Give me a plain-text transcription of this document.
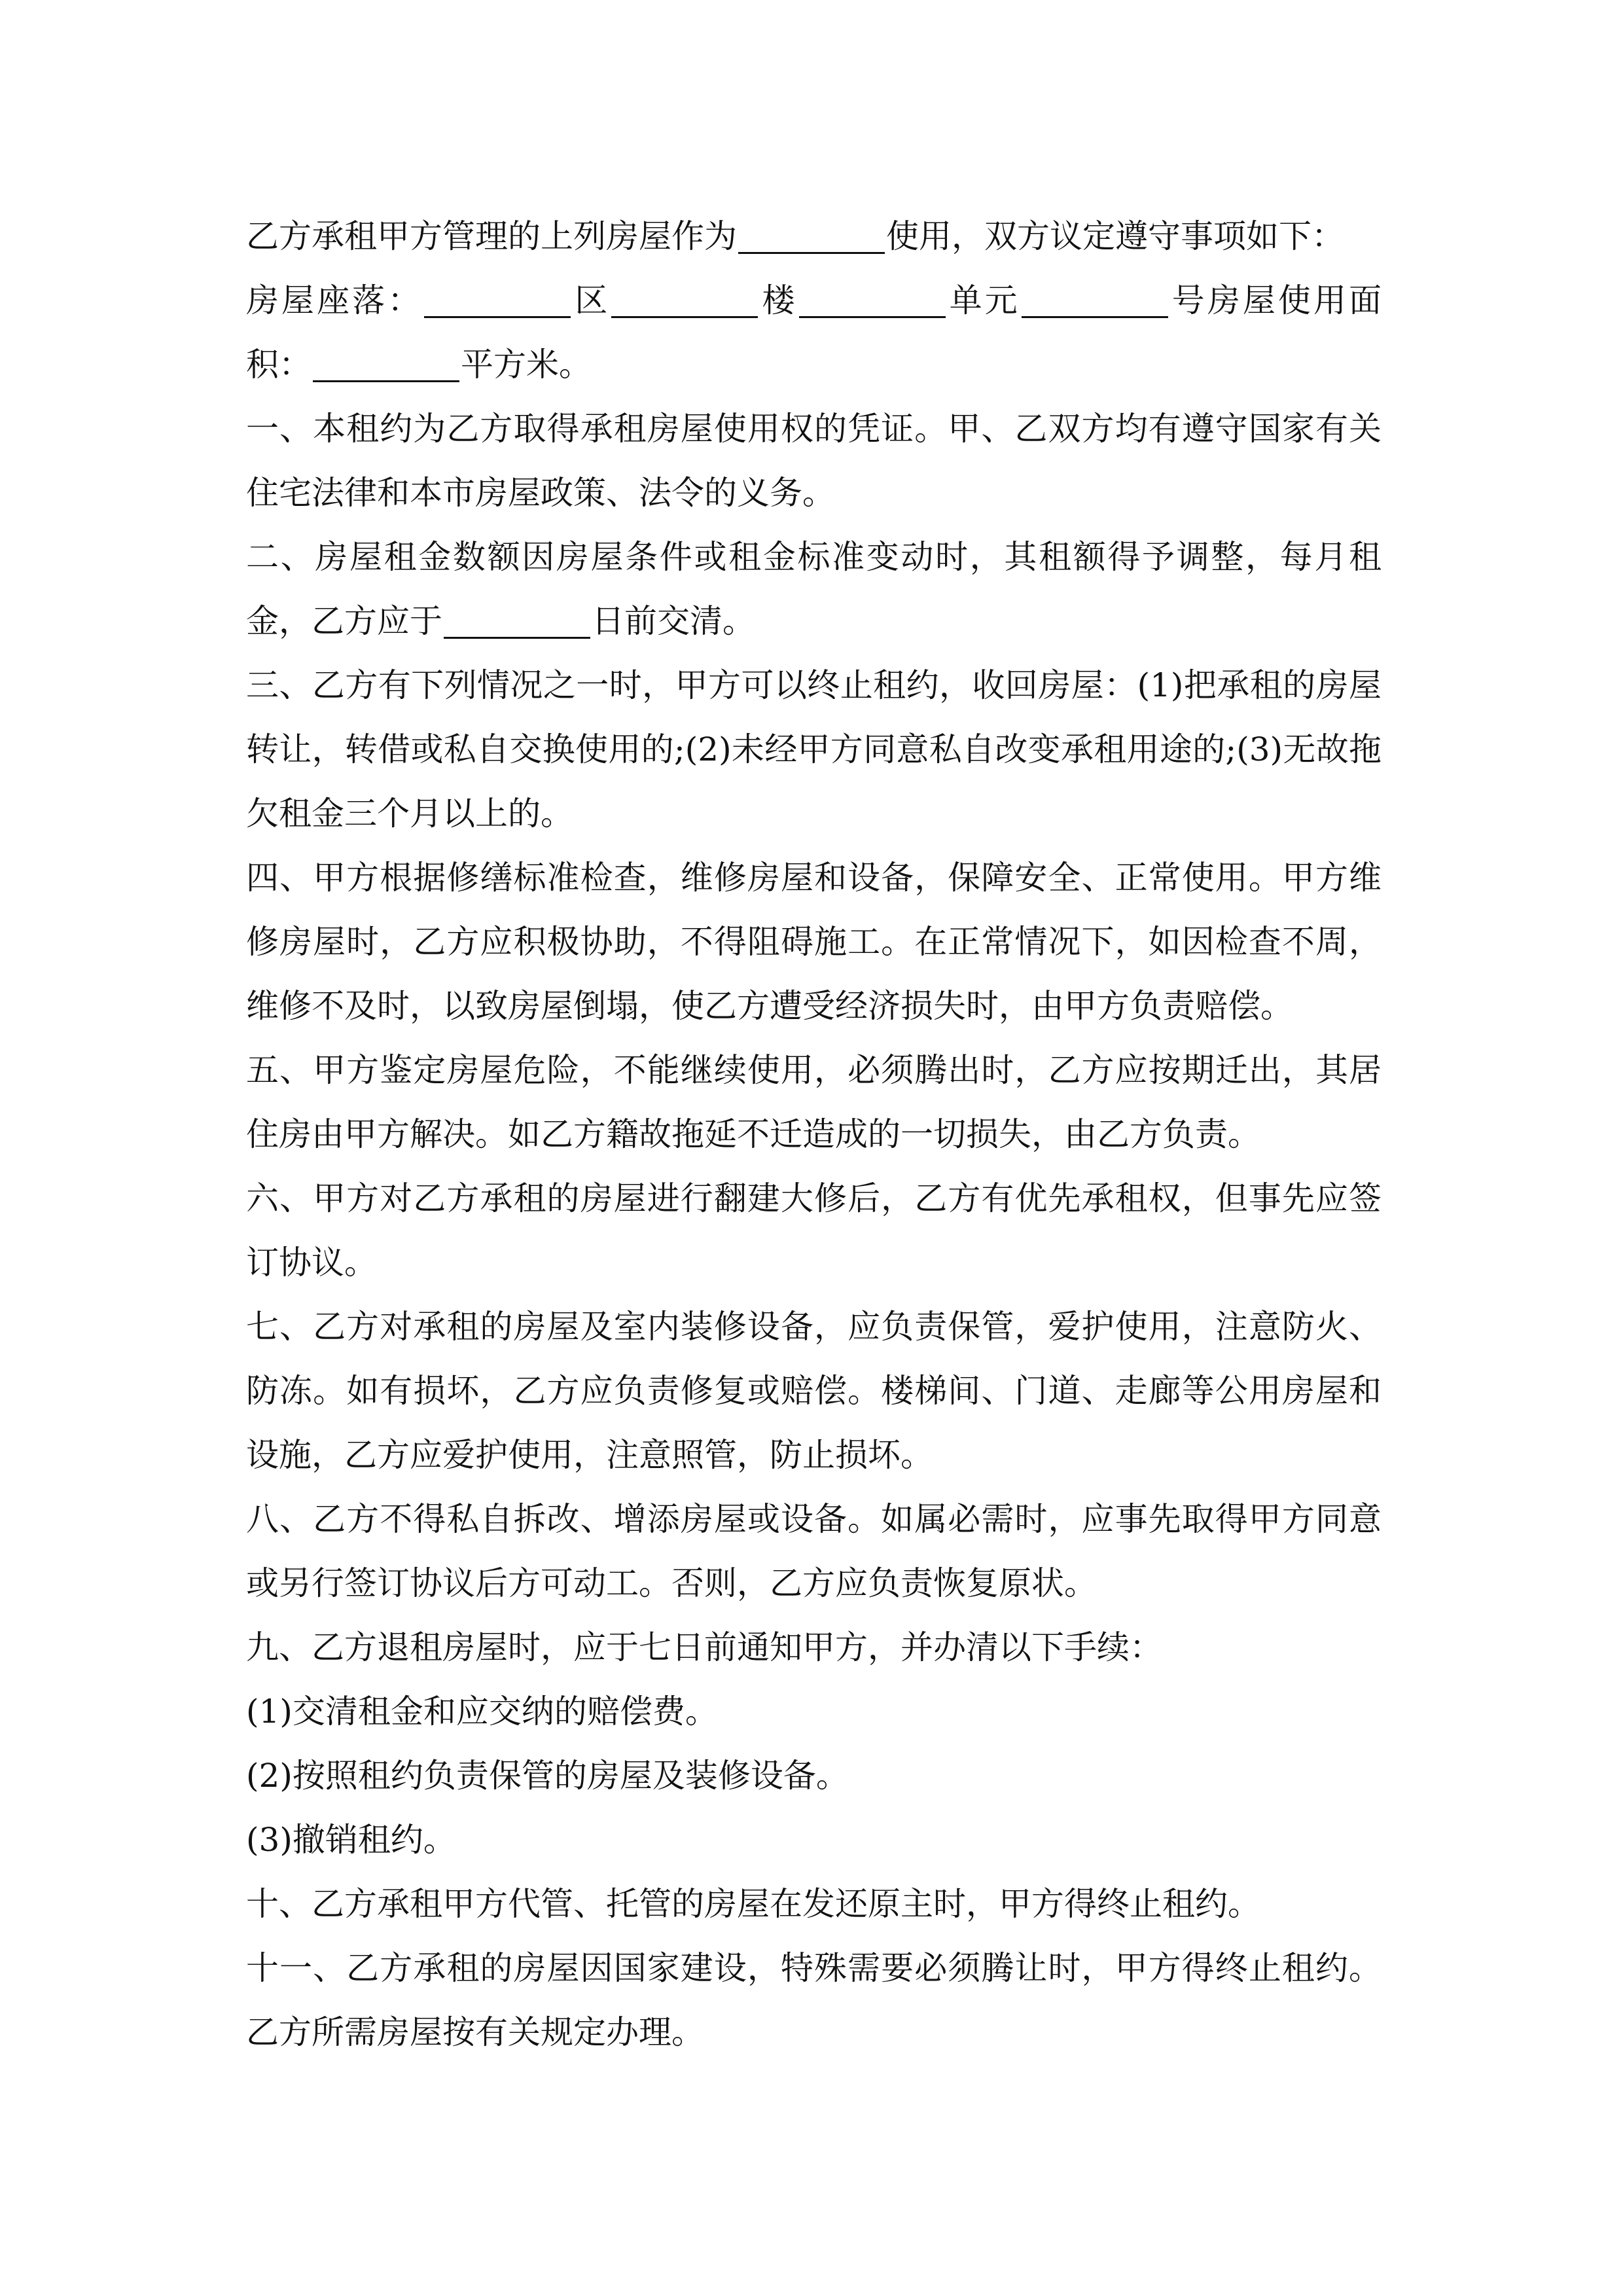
乙方承租甲方管理的上列房屋作为	使用，双方议定遵守事项如下：

房屋座落：	区	楼	单元	号房屋使用面积：	平方米。

一、本租约为乙方取得承租房屋使用权的凭证。甲、乙双方均有遵守国家有关住宅法律和本市房屋政策、法令的义务。

二、房屋租金数额因房屋条件或租金标准变动时，其租额得予调整，每月租金，乙方应于	日前交清。

三、乙方有下列情况之一时，甲方可以终止租约，收回房屋：(1)把承租的房屋转让，转借或私自交换使用的;(2)未经甲方同意私自改变承租用途的;(3)无故拖欠租金三个月以上的。

四、甲方根据修缮标准检查，维修房屋和设备，保障安全、正常使用。甲方维修房屋时，乙方应积极协助，不得阻碍施工。在正常情况下，如因检查不周，维修不及时，以致房屋倒塌，使乙方遭受经济损失时，由甲方负责赔偿。

五、甲方鉴定房屋危险，不能继续使用，必须腾出时，乙方应按期迁出，其居住房由甲方解决。如乙方籍故拖延不迁造成的一切损失，由乙方负责。

六、甲方对乙方承租的房屋进行翻建大修后，乙方有优先承租权，但事先应签订协议。

七、乙方对承租的房屋及室内装修设备，应负责保管，爱护使用，注意防火、防冻。如有损坏，乙方应负责修复或赔偿。楼梯间、门道、走廊等公用房屋和设施，乙方应爱护使用，注意照管，防止损坏。

八、乙方不得私自拆改、增添房屋或设备。如属必需时，应事先取得甲方同意或另行签订协议后方可动工。否则，乙方应负责恢复原状。

九、乙方退租房屋时，应于七日前通知甲方，并办清以下手续：

(1)交清租金和应交纳的赔偿费。

(2)按照租约负责保管的房屋及装修设备。

(3)撤销租约。

十、乙方承租甲方代管、托管的房屋在发还原主时，甲方得终止租约。

十一、乙方承租的房屋因国家建设，特殊需要必须腾让时，甲方得终止租约。乙方所需房屋按有关规定办理。
